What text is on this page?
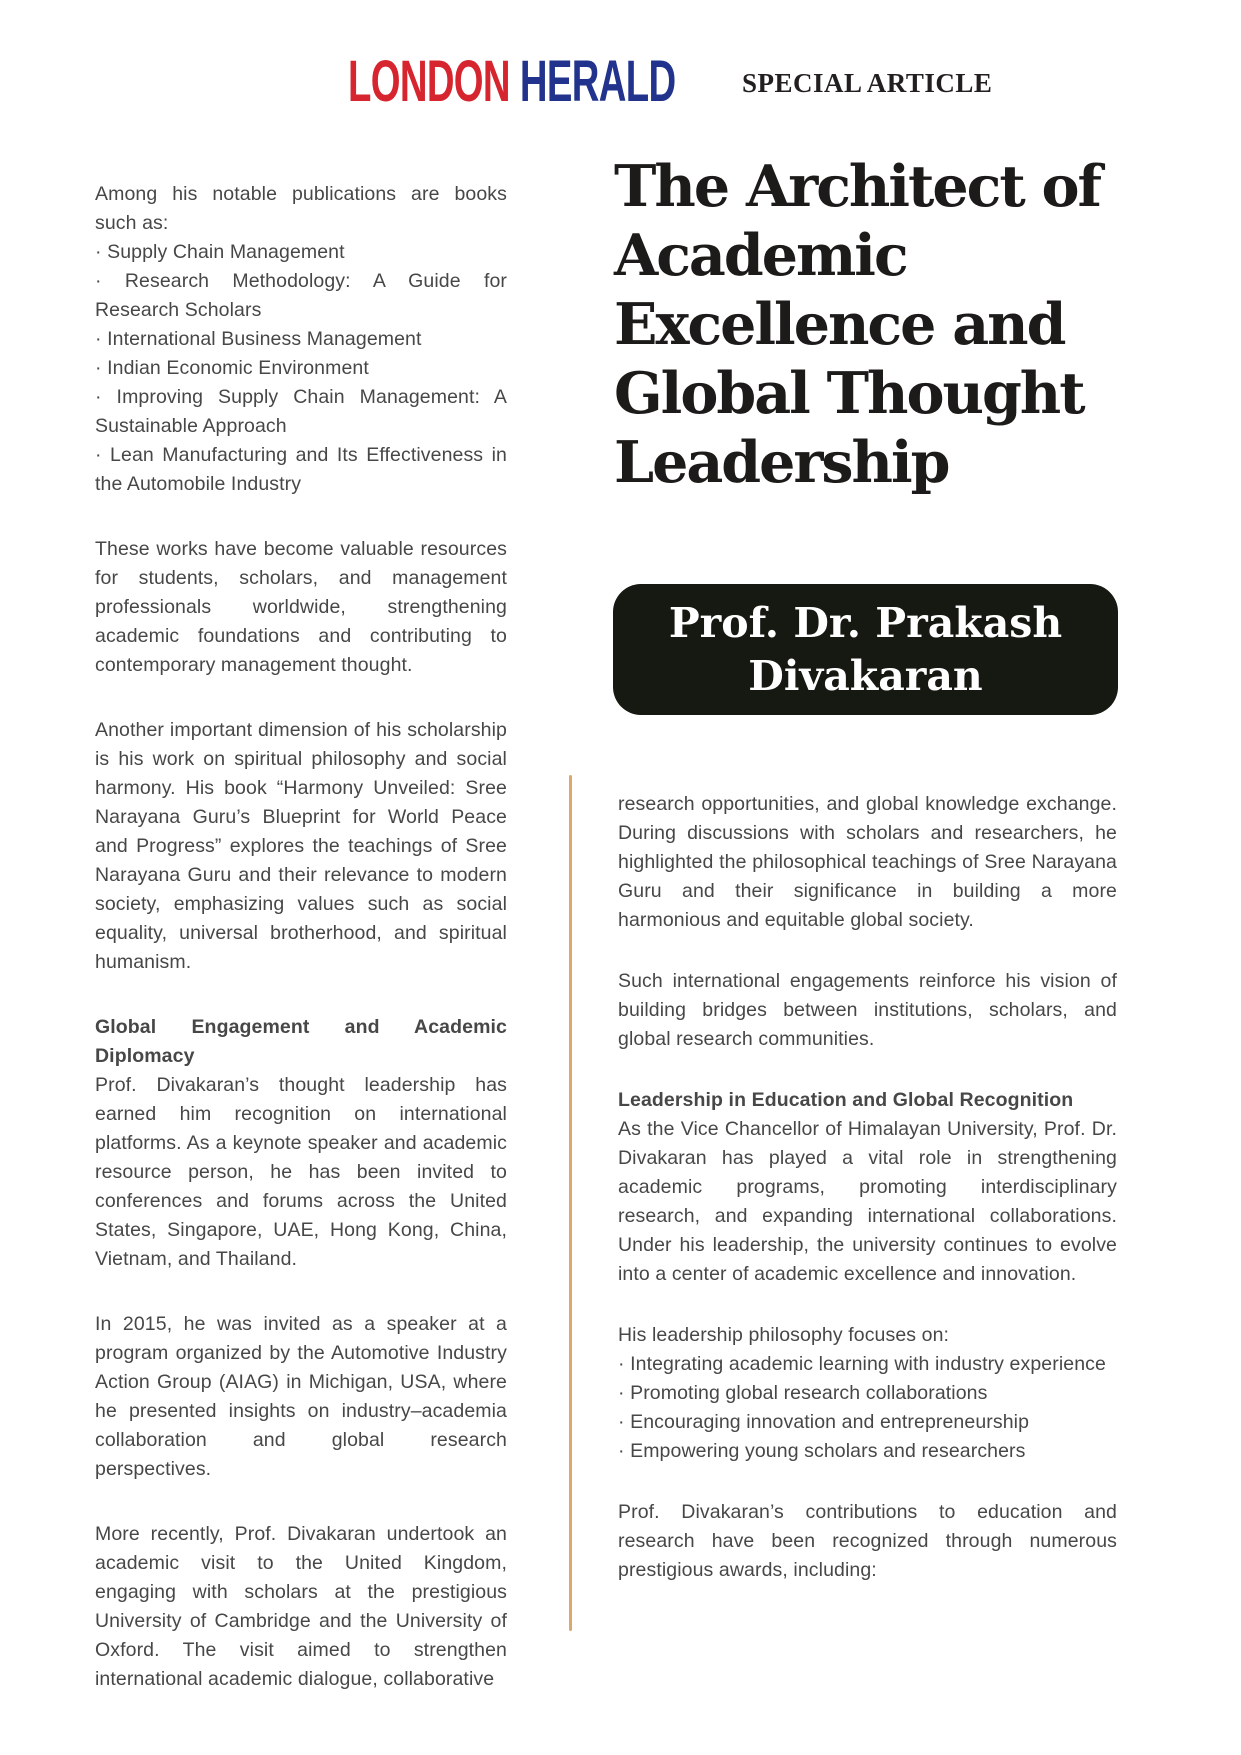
LONDON HERALD SPECIAL ARTICLE
The Architect of
Academic
Excellence and
Global Thought
Leadership
Prof. Dr. Prakash
Divakaran
Among his notable publications are books such as:
· Supply Chain Management
· Research Methodology: A Guide for Research Scholars
· International Business Management
· Indian Economic Environment
· Improving Supply Chain Management: A Sustainable Approach
· Lean Manufacturing and Its Effectiveness in the Automobile Industry
These works have become valuable resources for students, scholars, and management professionals worldwide, strengthening academic foundations and contributing to contemporary management thought.
Another important dimension of his scholarship is his work on spiritual philosophy and social harmony. His book “Harmony Unveiled: Sree Narayana Guru’s Blueprint for World Peace and Progress” explores the teachings of Sree Narayana Guru and their relevance to modern society, emphasizing values such as social equality, universal brotherhood, and spiritual humanism.
Global Engagement and Academic
Diplomacy
Prof. Divakaran’s thought leadership has earned him recognition on international platforms. As a keynote speaker and academic resource person, he has been invited to conferences and forums across the United States, Singapore, UAE, Hong Kong, China, Vietnam, and Thailand.
In 2015, he was invited as a speaker at a program organized by the Automotive Industry Action Group (AIAG) in Michigan, USA, where he presented insights on industry–academia collaboration and global research perspectives.
More recently, Prof. Divakaran undertook an academic visit to the United Kingdom, engaging with scholars at the prestigious University of Cambridge and the University of Oxford. The visit aimed to strengthen international academic dialogue, collaborative
research opportunities, and global knowledge exchange. During discussions with scholars and researchers, he highlighted the philosophical teachings of Sree Narayana Guru and their significance in building a more harmonious and equitable global society.
Such international engagements reinforce his vision of building bridges between institutions, scholars, and global research communities.
Leadership in Education and Global Recognition
As the Vice Chancellor of Himalayan University, Prof. Dr. Divakaran has played a vital role in strengthening academic programs, promoting interdisciplinary research, and expanding international collaborations. Under his leadership, the university continues to evolve into a center of academic excellence and innovation.
His leadership philosophy focuses on:
· Integrating academic learning with industry experience
· Promoting global research collaborations
· Encouraging innovation and entrepreneurship
· Empowering young scholars and researchers
Prof. Divakaran’s contributions to education and research have been recognized through numerous prestigious awards, including:
